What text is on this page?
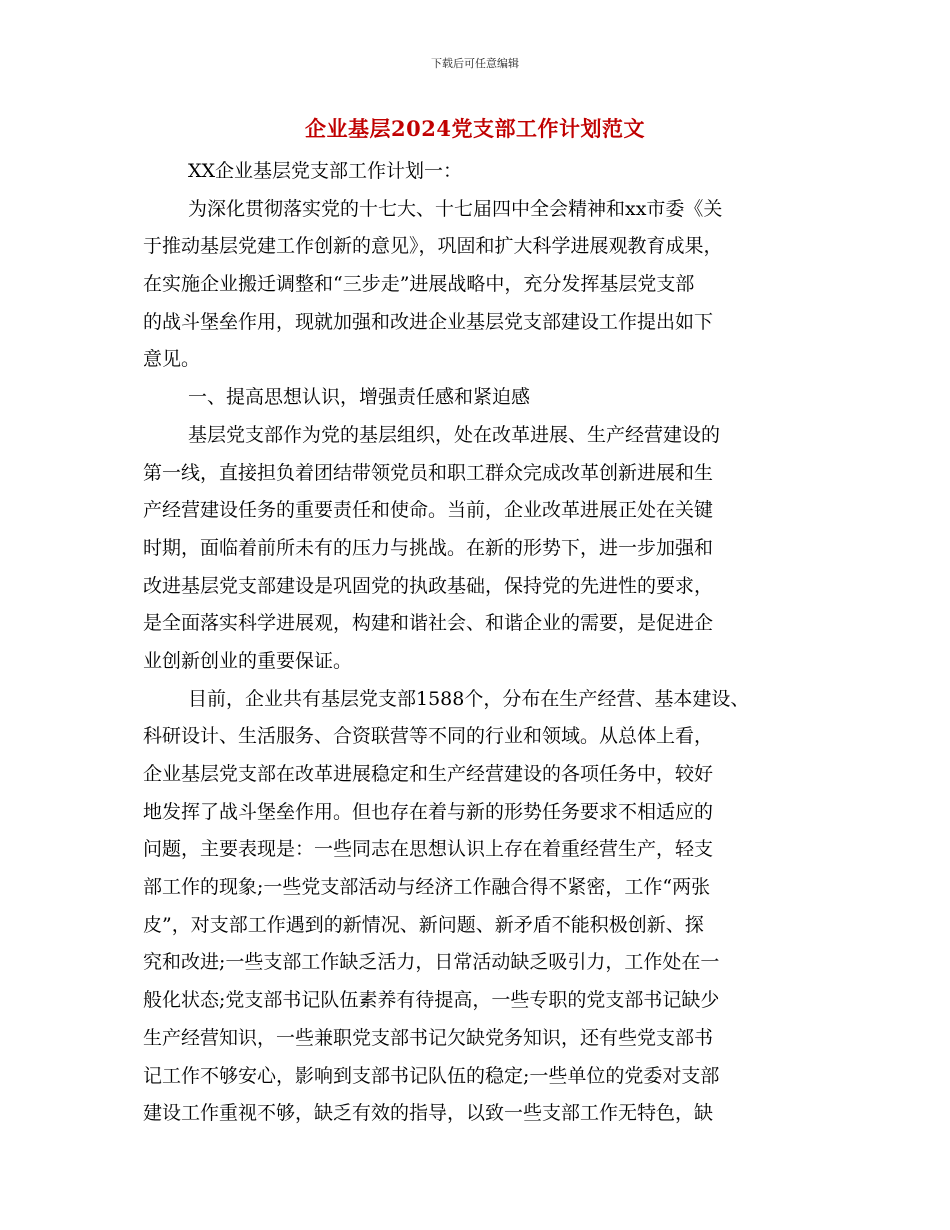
下载后可任意编辑
企业基层2024党支部工作计划范文
XX企业基层党支部工作计划一：
为深化贯彻落实党的十七大、十七届四中全会精神和xx市委《关
于推动基层党建工作创新的意见》，巩固和扩大科学进展观教育成果，
在实施企业搬迁调整和“三步走”进展战略中，充分发挥基层党支部
的战斗堡垒作用，现就加强和改进企业基层党支部建设工作提出如下
意见。
一、提高思想认识，增强责任感和紧迫感
基层党支部作为党的基层组织，处在改革进展、生产经营建设的
第一线，直接担负着团结带领党员和职工群众完成改革创新进展和生
产经营建设任务的重要责任和使命。当前，企业改革进展正处在关键
时期，面临着前所未有的压力与挑战。在新的形势下，进一步加强和
改进基层党支部建设是巩固党的执政基础，保持党的先进性的要求，
是全面落实科学进展观，构建和谐社会、和谐企业的需要，是促进企
业创新创业的重要保证。
目前，企业共有基层党支部1588个，分布在生产经营、基本建设、
科研设计、生活服务、合资联营等不同的行业和领域。从总体上看，
企业基层党支部在改革进展稳定和生产经营建设的各项任务中，较好
地发挥了战斗堡垒作用。但也存在着与新的形势任务要求不相适应的
问题，主要表现是：一些同志在思想认识上存在着重经营生产，轻支
部工作的现象;一些党支部活动与经济工作融合得不紧密，工作“两张
皮”，对支部工作遇到的新情况、新问题、新矛盾不能积极创新、探
究和改进;一些支部工作缺乏活力，日常活动缺乏吸引力，工作处在一
般化状态;党支部书记队伍素养有待提高，一些专职的党支部书记缺少
生产经营知识，一些兼职党支部书记欠缺党务知识，还有些党支部书
记工作不够安心，影响到支部书记队伍的稳定;一些单位的党委对支部
建设工作重视不够，缺乏有效的指导，以致一些支部工作无特色，缺
